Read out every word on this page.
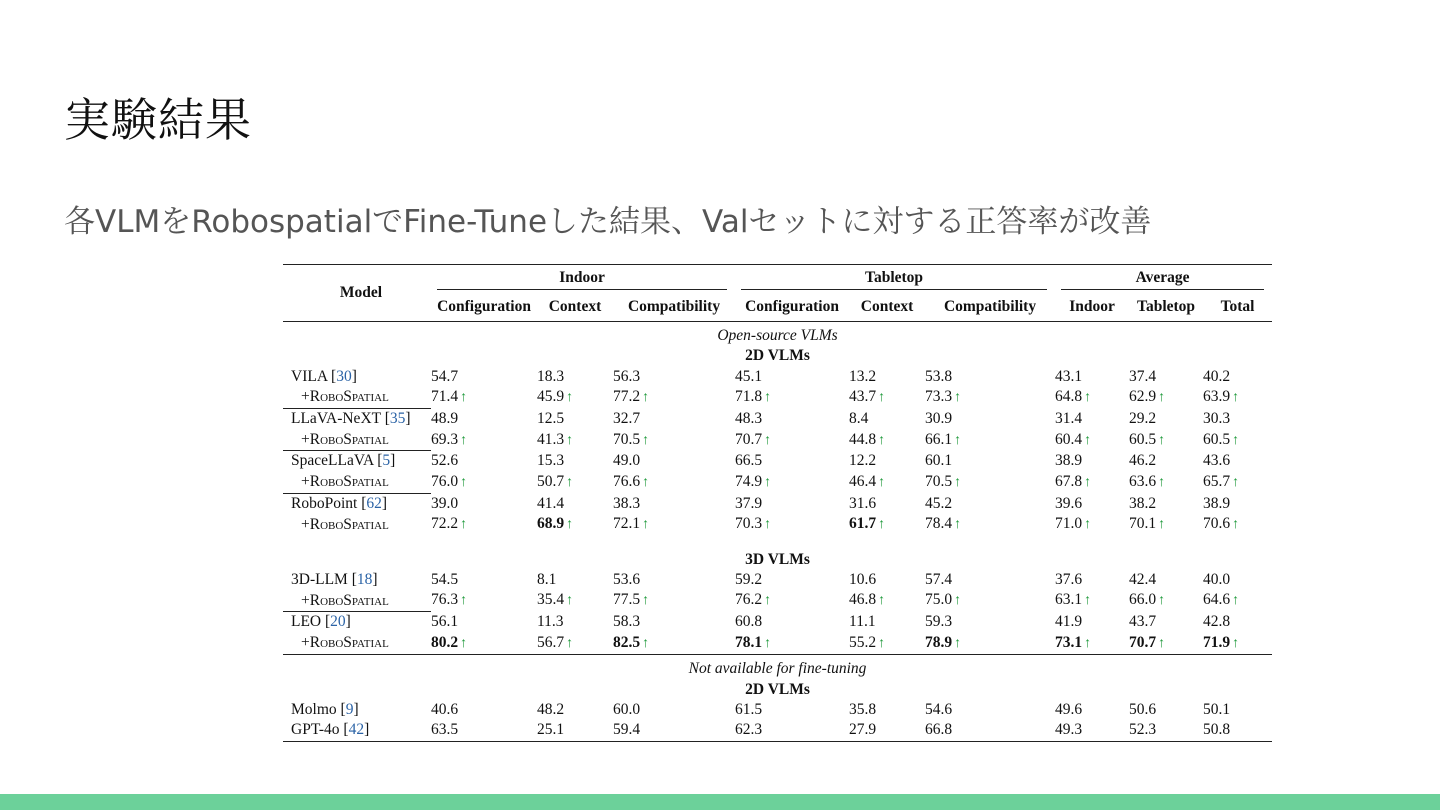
実験結果
各VLMをRobospatialでFine-Tuneした結果、Valセットに対する正答率が改善
Model	Indoor			Tabletop			Average		

	Configuration	Context	Compatibility	Configuration	Context	Compatibility	Indoor	Tabletop	Total
Open-source VLMs									
2D VLMs									
VILA [30]	54.7	18.3	56.3	45.1	13.2	53.8	43.1	37.4	40.2
+RoboSpatial	71.4 ↑	45.9 ↑	77.2 ↑	71.8 ↑	43.7 ↑	73.3 ↑	64.8 ↑	62.9 ↑	63.9 ↑
LLaVA-NeXT [35]	48.9	12.5	32.7	48.3	8.4	30.9	31.4	29.2	30.3
+RoboSpatial	69.3 ↑	41.3 ↑	70.5 ↑	70.7 ↑	44.8 ↑	66.1 ↑	60.4 ↑	60.5 ↑	60.5 ↑
SpaceLLaVA [5]	52.6	15.3	49.0	66.5	12.2	60.1	38.9	46.2	43.6
+RoboSpatial	76.0 ↑	50.7 ↑	76.6 ↑	74.9 ↑	46.4 ↑	70.5 ↑	67.8 ↑	63.6 ↑	65.7 ↑
RoboPoint [62]	39.0	41.4	38.3	37.9	31.6	45.2	39.6	38.2	38.9
+RoboSpatial	72.2 ↑	68.9 ↑	72.1 ↑	70.3 ↑	61.7 ↑	78.4 ↑	71.0 ↑	70.1 ↑	70.6 ↑

3D VLMs									
3D-LLM [18]	54.5	8.1	53.6	59.2	10.6	57.4	37.6	42.4	40.0
+RoboSpatial	76.3 ↑	35.4 ↑	77.5 ↑	76.2 ↑	46.8 ↑	75.0 ↑	63.1 ↑	66.0 ↑	64.6 ↑
LEO [20]	56.1	11.3	58.3	60.8	11.1	59.3	41.9	43.7	42.8
+RoboSpatial	80.2 ↑	56.7 ↑	82.5 ↑	78.1 ↑	55.2 ↑	78.9 ↑	73.1 ↑	70.7 ↑	71.9 ↑
Not available for fine-tuning									
2D VLMs									
Molmo [9]	40.6	48.2	60.0	61.5	35.8	54.6	49.6	50.6	50.1
GPT-4o [42]	63.5	25.1	59.4	62.3	27.9	66.8	49.3	52.3	50.8
